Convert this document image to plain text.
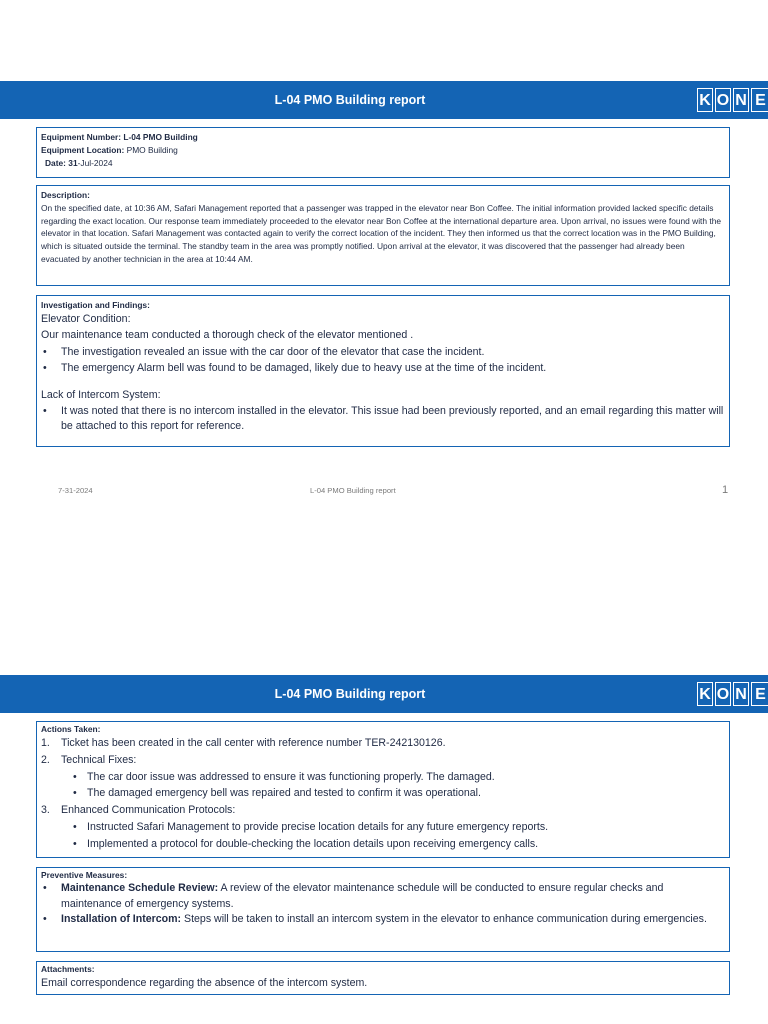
L-04 PMO Building report	K O N E
Equipment Number: L-04 PMO Building
Equipment Location: PMO Building
Date: 31-Jul-2024
Description:
On the specified date, at 10:36 AM, Safari Management reported that a passenger was trapped in the elevator near Bon Coffee. The initial information provided lacked specific details regarding the exact location. Our response team immediately proceeded to the elevator near Bon Coffee at the international departure area. Upon arrival, no issues were found with the elevator in that location. Safari Management was contacted again to verify the correct location of the incident. They then informed us that the correct location was in the PMO Building, which is situated outside the terminal. The standby team in the area was promptly notified. Upon arrival at the elevator, it was discovered that the passenger had already been evacuated by another technician in the area at 10:44 AM.
Investigation and Findings:
Elevator Condition:
Our maintenance team conducted a thorough check of the elevator mentioned .
• The investigation revealed an issue with the car door of the elevator that case the incident.
• The emergency Alarm bell was found to be damaged, likely due to heavy use at the time of the incident.
Lack of Intercom System:
• It was noted that there is no intercom installed in the elevator. This issue had been previously reported, and an email regarding this matter will be attached to this report for reference.
7-31-2024	L-04 PMO Building report	1
L-04 PMO Building report	K O N E
Actions Taken:
1. Ticket has been created in the call center with reference number TER-242130126.
2. Technical Fixes:
• The car door issue was addressed to ensure it was functioning properly. The damaged.
• The damaged emergency bell was repaired and tested to confirm it was operational.
3. Enhanced Communication Protocols:
• Instructed Safari Management to provide precise location details for any future emergency reports.
• Implemented a protocol for double-checking the location details upon receiving emergency calls.
Preventive Measures:
• Maintenance Schedule Review: A review of the elevator maintenance schedule will be conducted to ensure regular checks and maintenance of emergency systems.
• Installation of Intercom: Steps will be taken to install an intercom system in the elevator to enhance communication during emergencies.
Attachments:
Email correspondence regarding the absence of the intercom system.
